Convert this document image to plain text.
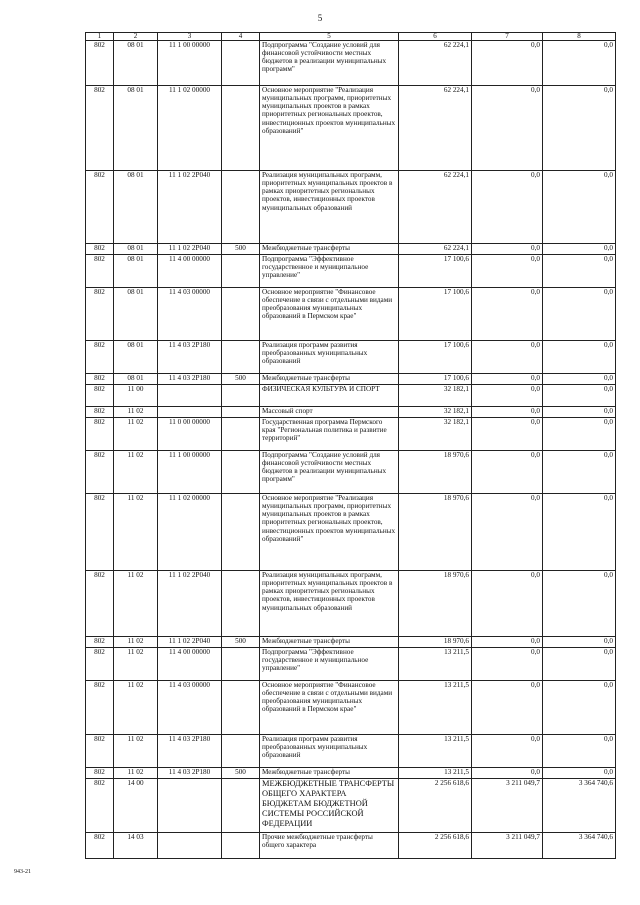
5
1	2	3	4	5	6	7	8
802	08 01	11 1 00 00000		Подпрограмма "Создание условий для финансовой устойчивости местных бюджетов в реализации муниципальных программ"	62 224,1	0,0	0,0
802	08 01	11 1 02 00000		Основное мероприятие "Реализация муниципальных программ, приоритетных муниципальных проектов в рамках приоритетных региональных проектов, инвестиционных проектов муниципальных образований"	62 224,1	0,0	0,0
802	08 01	11 1 02 2P040		Реализация муниципальных программ, приоритетных муниципальных проектов в рамках приоритетных региональных проектов, инвестиционных проектов муниципальных образований	62 224,1	0,0	0,0
802	08 01	11 1 02 2P040	500	Межбюджетные трансферты	62 224,1	0,0	0,0
802	08 01	11 4 00 00000		Подпрограмма "Эффективное государственное и муниципальное управление"	17 100,6	0,0	0,0
802	08 01	11 4 03 00000		Основное мероприятие "Финансовое обеспечение в связи с отдельными видами преобразования муниципальных образований в Пермском крае"	17 100,6	0,0	0,0
802	08 01	11 4 03 2P180		Реализация программ развития преобразованных муниципальных образований	17 100,6	0,0	0,0
802	08 01	11 4 03 2P180	500	Межбюджетные трансферты	17 100,6	0,0	0,0
802	11 00			ФИЗИЧЕСКАЯ КУЛЬТУРА И СПОРТ	32 182,1	0,0	0,0
802	11 02			Массовый спорт	32 182,1	0,0	0,0
802	11 02	11 0 00 00000		Государственная программа Пермского края "Региональная политика и развитие территорий"	32 182,1	0,0	0,0
802	11 02	11 1 00 00000		Подпрограмма "Создание условий для финансовой устойчивости местных бюджетов в реализации муниципальных программ"	18 970,6	0,0	0,0
802	11 02	11 1 02 00000		Основное мероприятие "Реализация муниципальных программ, приоритетных муниципальных проектов в рамках приоритетных региональных проектов, инвестиционных проектов муниципальных образований"	18 970,6	0,0	0,0
802	11 02	11 1 02 2P040		Реализация муниципальных программ, приоритетных муниципальных проектов в рамках приоритетных региональных проектов, инвестиционных проектов муниципальных образований	18 970,6	0,0	0,0
802	11 02	11 1 02 2P040	500	Межбюджетные трансферты	18 970,6	0,0	0,0
802	11 02	11 4 00 00000		Подпрограмма "Эффективное государственное и муниципальное управление"	13 211,5	0,0	0,0
802	11 02	11 4 03 00000		Основное мероприятие "Финансовое обеспечение в связи с отдельными видами преобразования муниципальных образований в Пермском крае"	13 211,5	0,0	0,0
802	11 02	11 4 03 2P180		Реализация программ развития преобразованных муниципальных образований	13 211,5	0,0	0,0
802	11 02	11 4 03 2P180	500	Межбюджетные трансферты	13 211,5	0,0	0,0
802	14 00			МЕЖБЮДЖЕТНЫЕ ТРАНСФЕРТЫ ОБЩЕГО ХАРАКТЕРА БЮДЖЕТАМ БЮДЖЕТНОЙ СИСТЕМЫ РОССИЙСКОЙ ФЕДЕРАЦИИ	2 256 618,6	3 211 049,7	3 364 740,6
802	14 03			Прочие межбюджетные трансферты общего характера	2 256 618,6	3 211 049,7	3 364 740,6
943-21
